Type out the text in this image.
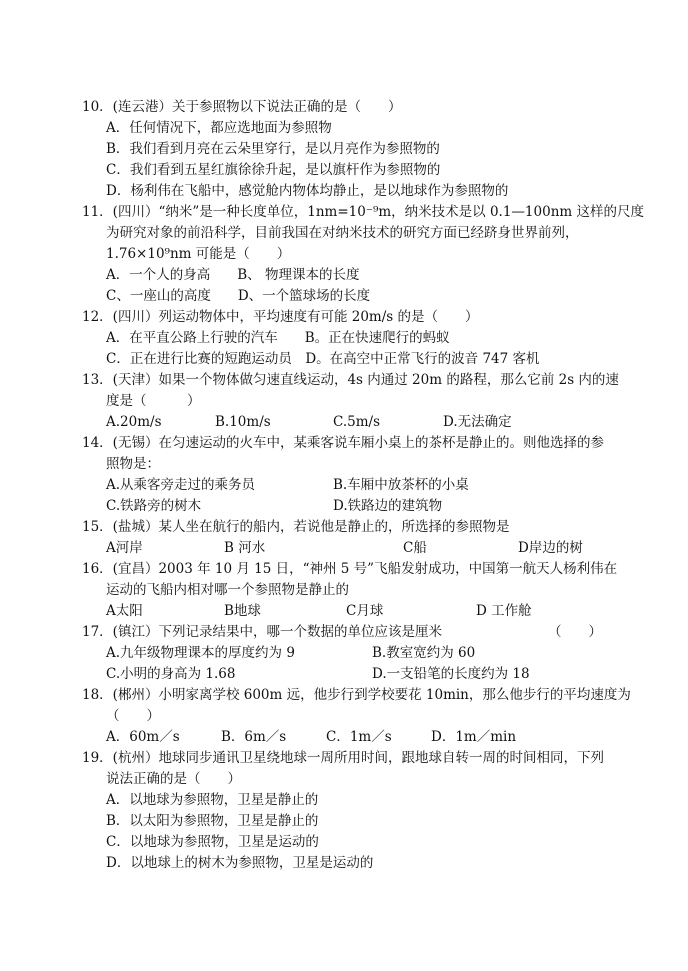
10．(连云港）关于参照物以下说法正确的是（　　）
A．任何情况下，都应选地面为参照物
B．我们看到月亮在云朵里穿行，是以月亮作为参照物的
C．我们看到五星红旗徐徐升起，是以旗杆作为参照物的
D．杨利伟在飞船中，感觉舱内物体均静止，是以地球作为参照物的
11．(四川）“纳米”是一种长度单位，1nm=10⁻⁹m，纳米技术是以 0.1—100nm 这样的尺度
为研究对象的前沿科学，目前我国在对纳米技术的研究方面已经跻身世界前列，
1.76×10⁹nm 可能是（　　）
A．一个人的身高　　B、 物理课本的长度
C、一座山的高度　　D、一个篮球场的长度
12．(四川）列运动物体中，平均速度有可能 20m/s 的是（　　）
A．在平直公路上行驶的汽车　　B。正在快速爬行的蚂蚁
C．正在进行比赛的短跑运动员　D。在高空中正常飞行的波音 747 客机
13．(天津）如果一个物体做匀速直线运动，4s 内通过 20m 的路程，那么它前 2s 内的速
度是（　　　）
A.20m/s	B.10m/s	C.5m/s	D.无法确定
14．(无锡）在匀速运动的火车中，某乘客说车厢小桌上的茶杯是静止的。则他选择的参
照物是：
A.从乘客旁走过的乘务员	B.车厢中放茶杯的小桌
C.铁路旁的树木	D.铁路边的建筑物
15．(盐城）某人坐在航行的船内，若说他是静止的，所选择的参照物是
A河岸	B 河水	C船	D岸边的树
16．(宜昌）2003 年 10 月 15 日，“神州 5 号”飞船发射成功，中国第一航天人杨利伟在
运动的飞船内相对哪一个参照物是静止的
A太阳	B地球	C月球	D 工作舱
17．(镇江）下列记录结果中，哪一个数据的单位应该是厘米	（　　）
A.九年级物理课本的厚度约为 9	B.教室宽约为 60
C.小明的身高为 1.68	D.一支铅笔的长度约为 18
18．(郴州）小明家离学校 600m 远，他步行到学校要花 10min，那么他步行的平均速度为
（　　）
A．60m／s	B．6m／s	C．1m／s	D．1m／min
19．(杭州）地球同步通讯卫星绕地球一周所用时间，跟地球自转一周的时间相同，下列
说法正确的是（　　）
A．以地球为参照物，卫星是静止的
B．以太阳为参照物，卫星是静止的
C．以地球为参照物，卫星是运动的
D．以地球上的树木为参照物，卫星是运动的
